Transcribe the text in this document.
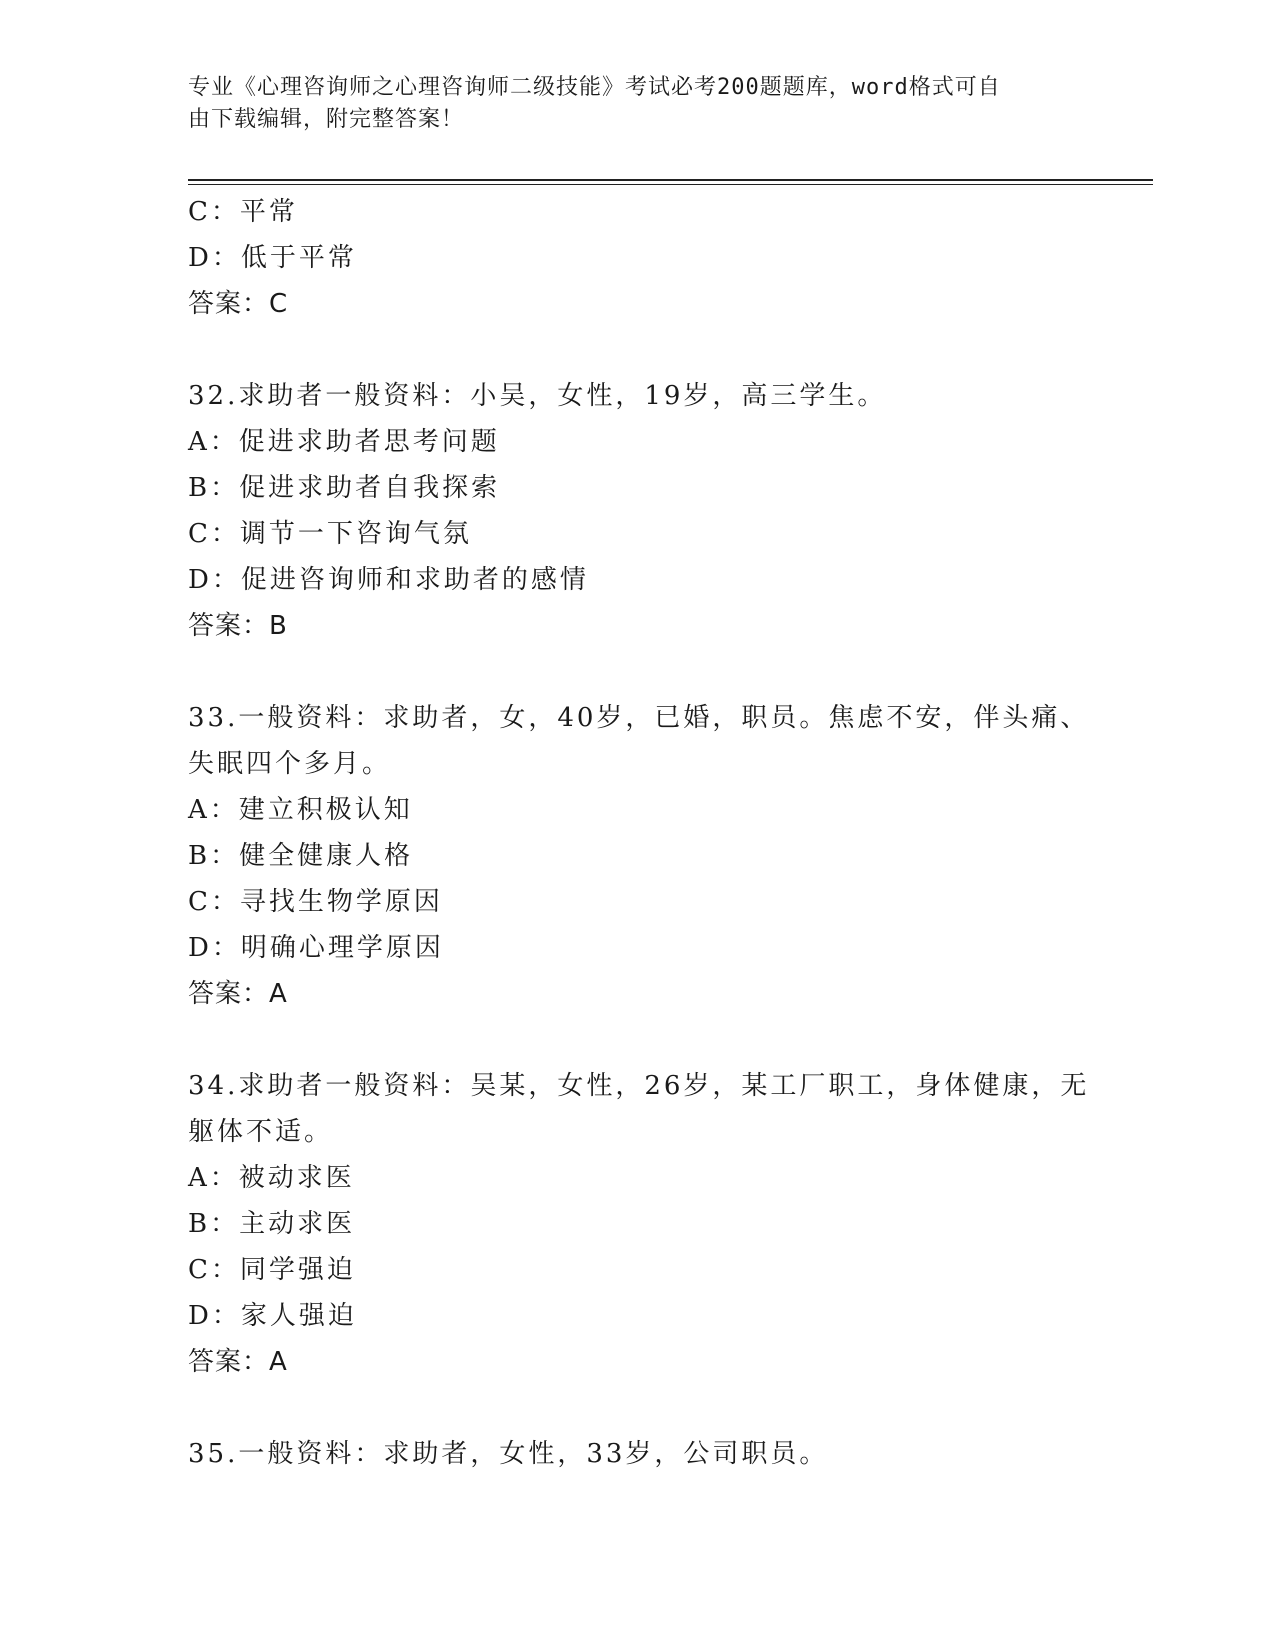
专业《心理咨询师之心理咨询师二级技能》考试必考200题题库，word格式可自
由下载编辑，附完整答案！
C：平常
D：低于平常
答案：C
32.求助者一般资料：小吴，女性，19岁，高三学生。
A：促进求助者思考问题
B：促进求助者自我探索
C：调节一下咨询气氛
D：促进咨询师和求助者的感情
答案：B
33.一般资料：求助者，女，40岁，已婚，职员。焦虑不安，伴头痛、
失眠四个多月。
A：建立积极认知
B：健全健康人格
C：寻找生物学原因
D：明确心理学原因
答案：A
34.求助者一般资料：吴某，女性，26岁，某工厂职工，身体健康，无
躯体不适。
A：被动求医
B：主动求医
C：同学强迫
D：家人强迫
答案：A
35.一般资料：求助者，女性，33岁，公司职员。
